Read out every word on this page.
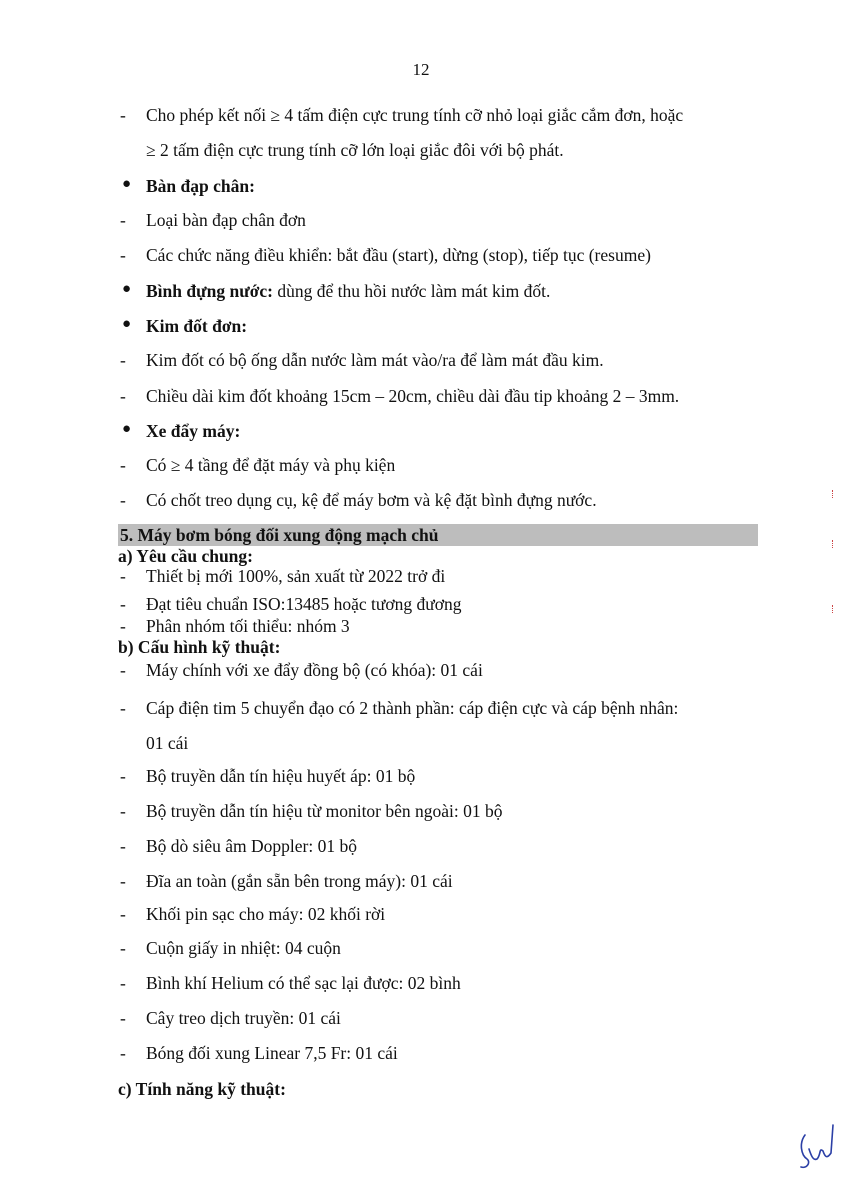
12
- Cho phép kết nối ≥ 4 tấm điện cực trung tính cỡ nhỏ loại giắc cắm đơn, hoặc
≥ 2 tấm điện cực trung tính cỡ lớn loại giắc đôi với bộ phát.
● Bàn đạp chân:
- Loại bàn đạp chân đơn
- Các chức năng điều khiển: bắt đầu (start), dừng (stop), tiếp tục (resume)
● Bình đựng nước: dùng để thu hồi nước làm mát kim đốt.
● Kim đốt đơn:
- Kim đốt có bộ ống dẫn nước làm mát vào/ra để làm mát đầu kim.
- Chiều dài kim đốt khoảng 15cm – 20cm, chiều dài đầu tip khoảng 2 – 3mm.
● Xe đẩy máy:
- Có ≥ 4 tầng để đặt máy và phụ kiện
- Có chốt treo dụng cụ, kệ để máy bơm và kệ đặt bình đựng nước.
5. Máy bơm bóng đối xung động mạch chủ
a) Yêu cầu chung:
- Thiết bị mới 100%, sản xuất từ 2022 trở đi
- Đạt tiêu chuẩn ISO:13485 hoặc tương đương
- Phân nhóm tối thiểu: nhóm 3
b) Cấu hình kỹ thuật:
- Máy chính với xe đẩy đồng bộ (có khóa): 01 cái
- Cáp điện tim 5 chuyển đạo có 2 thành phần: cáp điện cực và cáp bệnh nhân:
01 cái
- Bộ truyền dẫn tín hiệu huyết áp: 01 bộ
- Bộ truyền dẫn tín hiệu từ monitor bên ngoài: 01 bộ
- Bộ dò siêu âm Doppler: 01 bộ
- Đĩa an toàn (gắn sẵn bên trong máy): 01 cái
- Khối pin sạc cho máy: 02 khối rời
- Cuộn giấy in nhiệt: 04 cuộn
- Bình khí Helium có thể sạc lại được: 02 bình
- Cây treo dịch truyền: 01 cái
- Bóng đối xung Linear 7,5 Fr: 01 cái
c) Tính năng kỹ thuật:
